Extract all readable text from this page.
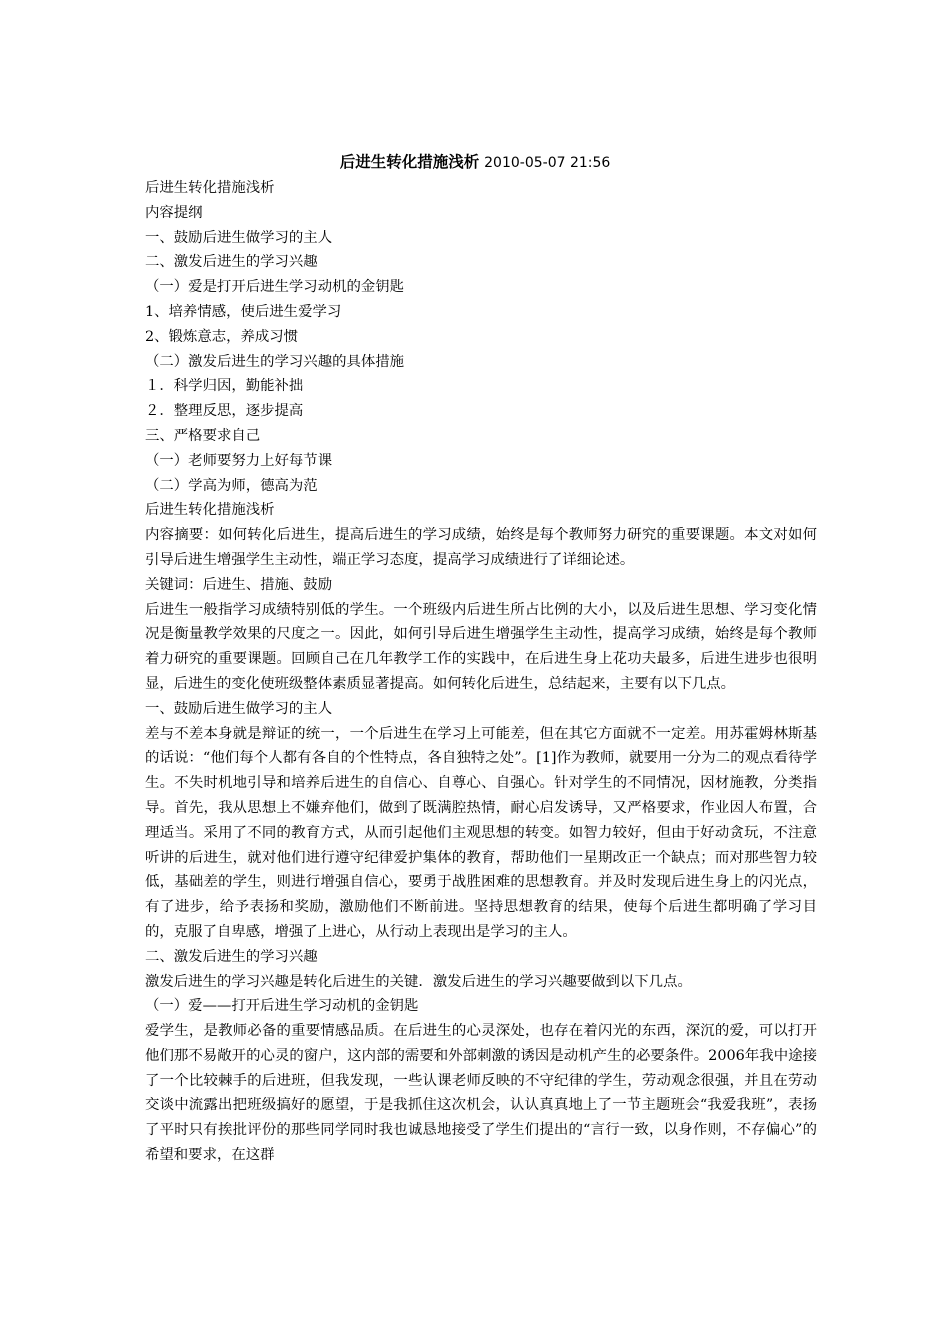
后进生转化措施浅析 2010-05-07 21:56

后进生转化措施浅析

内容提纲

一、鼓励后进生做学习的主人

二、激发后进生的学习兴趣

（一）爱是打开后进生学习动机的金钥匙

1、培养情感，使后进生爱学习

2、锻炼意志，养成习惯

（二）激发后进生的学习兴趣的具体措施

１．科学归因，勤能补拙

２．整理反思，逐步提高

三、严格要求自己

（一）老师要努力上好每节课

（二）学高为师，德高为范

后进生转化措施浅析

内容摘要：如何转化后进生，提高后进生的学习成绩，始终是每个教师努力研究的重要课题。本文对如何引导后进生增强学生主动性，端正学习态度，提高学习成绩进行了详细论述。

关键词：后进生、措施、鼓励

后进生一般指学习成绩特别低的学生。一个班级内后进生所占比例的大小，以及后进生思想、学习变化情况是衡量教学效果的尺度之一。因此，如何引导后进生增强学生主动性，提高学习成绩，始终是每个教师着力研究的重要课题。回顾自己在几年教学工作的实践中，在后进生身上花功夫最多，后进生进步也很明显，后进生的变化使班级整体素质显著提高。如何转化后进生，总结起来，主要有以下几点。

一、鼓励后进生做学习的主人

差与不差本身就是辩证的统一，一个后进生在学习上可能差，但在其它方面就不一定差。用苏霍姆林斯基的话说：“他们每个人都有各自的个性特点，各自独特之处”。[1]作为教师，就要用一分为二的观点看待学生。不失时机地引导和培养后进生的自信心、自尊心、自强心。针对学生的不同情况，因材施教，分类指导。首先，我从思想上不嫌弃他们，做到了既满腔热情，耐心启发诱导，又严格要求，作业因人布置，合理适当。采用了不同的教育方式，从而引起他们主观思想的转变。如智力较好，但由于好动贪玩，不注意听讲的后进生，就对他们进行遵守纪律爱护集体的教育，帮助他们一星期改正一个缺点；而对那些智力较低，基础差的学生，则进行增强自信心，要勇于战胜困难的思想教育。并及时发现后进生身上的闪光点，有了进步，给予表扬和奖励，激励他们不断前进。坚持思想教育的结果，使每个后进生都明确了学习目的，克服了自卑感，增强了上进心，从行动上表现出是学习的主人。

二、激发后进生的学习兴趣

激发后进生的学习兴趣是转化后进生的关键．激发后进生的学习兴趣要做到以下几点。

（一）爱——打开后进生学习动机的金钥匙

爱学生，是教师必备的重要情感品质。在后进生的心灵深处，也存在着闪光的东西，深沉的爱，可以打开他们那不易敞开的心灵的窗户，这内部的需要和外部刺激的诱因是动机产生的必要条件。2006年我中途接了一个比较棘手的后进班，但我发现，一些认课老师反映的不守纪律的学生，劳动观念很强，并且在劳动交谈中流露出把班级搞好的愿望，于是我抓住这次机会，认认真真地上了一节主题班会“我爱我班”，表扬了平时只有挨批评份的那些同学同时我也诚恳地接受了学生们提出的“言行一致，以身作则，不存偏心”的希望和要求，在这群
